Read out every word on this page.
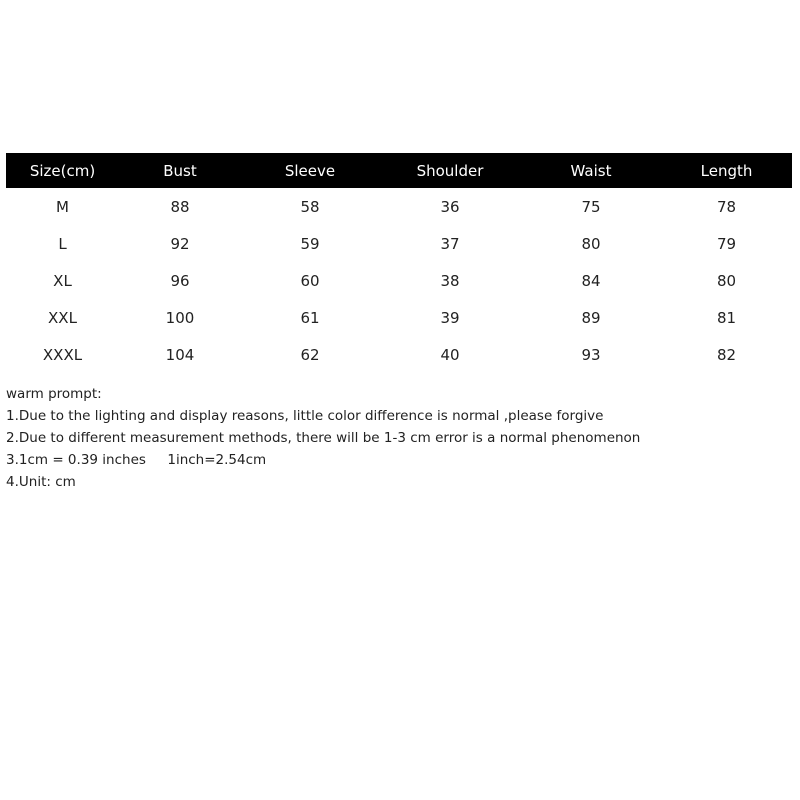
Size(cm)	Bust	Sleeve	Shoulder	Waist	Length
M	88	58	36	75	78
L	92	59	37	80	79
XL	96	60	38	84	80
XXL	100	61	39	89	81
XXXL	104	62	40	93	82

warm prompt:

1.Due to the lighting and display reasons, little color difference is normal ,please forgive

2.Due to different measurement methods, there will be 1-3 cm error is a normal phenomenon

3.1cm = 0.39 inches     1inch=2.54cm

4.Unit: cm
